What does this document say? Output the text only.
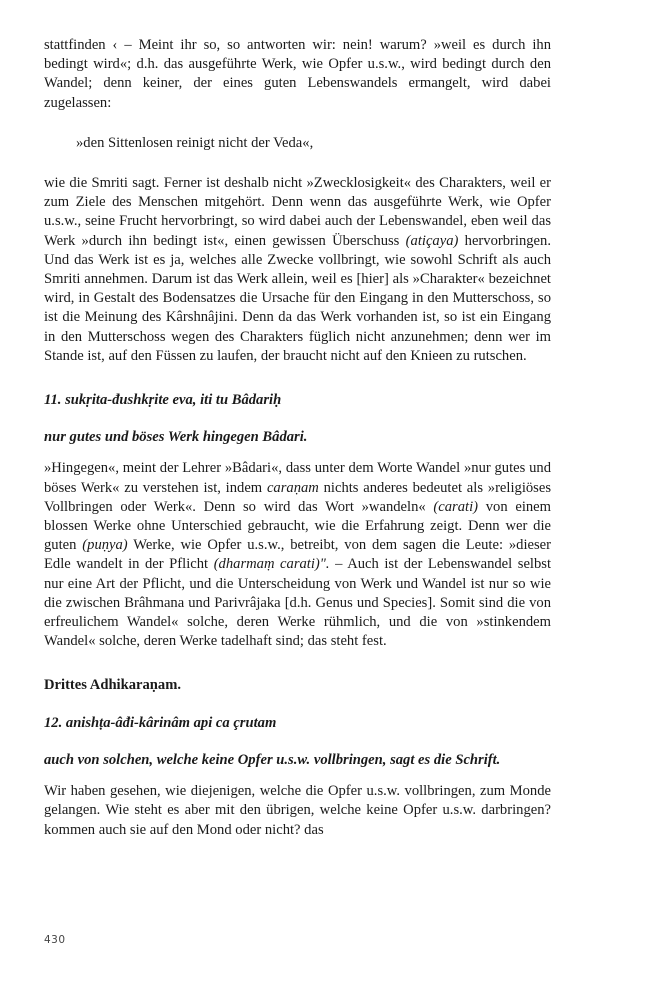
stattfinden ‹ – Meint ihr so, so antworten wir: nein! warum? »weil es durch ihn bedingt wird«; d.h. das ausgeführte Werk, wie Opfer u.s.w., wird bedingt durch den Wandel; denn keiner, der eines guten Lebenswandels ermangelt, wird dabei zugelassen:

»den Sittenlosen reinigt nicht der Veda«,

wie die Smriti sagt. Ferner ist deshalb nicht »Zwecklosigkeit« des Charakters, weil er zum Ziele des Menschen mitgehört. Denn wenn das ausgeführte Werk, wie Opfer u.s.w., seine Frucht hervorbringt, so wird dabei auch der Lebenswandel, eben weil das Werk »durch ihn bedingt ist«, einen gewissen Überschuss (atiçaya) hervorbringen. Und das Werk ist es ja, welches alle Zwecke vollbringt, wie sowohl Schrift als auch Smriti annehmen. Darum ist das Werk allein, weil es [hier] als »Charakter« bezeichnet wird, in Gestalt des Bodensatzes die Ursache für den Eingang in den Mutterschoss, so ist die Meinung des Kârshnâjini. Denn da das Werk vorhanden ist, so ist ein Eingang in den Mutterschoss wegen des Charakters füglich nicht anzunehmen; denn wer im Stande ist, auf den Füssen zu laufen, der braucht nicht auf den Knieen zu rutschen.

11. sukṛita-đushkṛite eva, iti tu Bâdariḥ

nur gutes und böses Werk hingegen Bâdari.

»Hingegen«, meint der Lehrer »Bâdari«, dass unter dem Worte Wandel »nur gutes und böses Werk« zu verstehen ist, indem caraṇam nichts anderes bedeutet als »religiöses Vollbringen oder Werk«. Denn so wird das Wort »wandeln« (carati) von einem blossen Werke ohne Unterschied gebraucht, wie die Erfahrung zeigt. Denn wer die guten (puṇya) Werke, wie Opfer u.s.w., betreibt, von dem sagen die Leute: »dieser Edle wandelt in der Pflicht (dharmaṃ carati)". – Auch ist der Lebenswandel selbst nur eine Art der Pflicht, und die Unterscheidung von Werk und Wandel ist nur so wie die zwischen Brâhmana und Parivrâjaka [d.h. Genus und Species]. Somit sind die von erfreulichem Wandel« solche, deren Werke rühmlich, und die von »stinkendem Wandel« solche, deren Werke tadelhaft sind; das steht fest.

Drittes Adhikaraṇam.

12. anishṭa-âđi-kârinâm api ca çrutam

auch von solchen, welche keine Opfer u.s.w. vollbringen, sagt es die Schrift.

Wir haben gesehen, wie diejenigen, welche die Opfer u.s.w. vollbringen, zum Monde gelangen. Wie steht es aber mit den übrigen, welche keine Opfer u.s.w. darbringen? kommen auch sie auf den Mond oder nicht? das

430
